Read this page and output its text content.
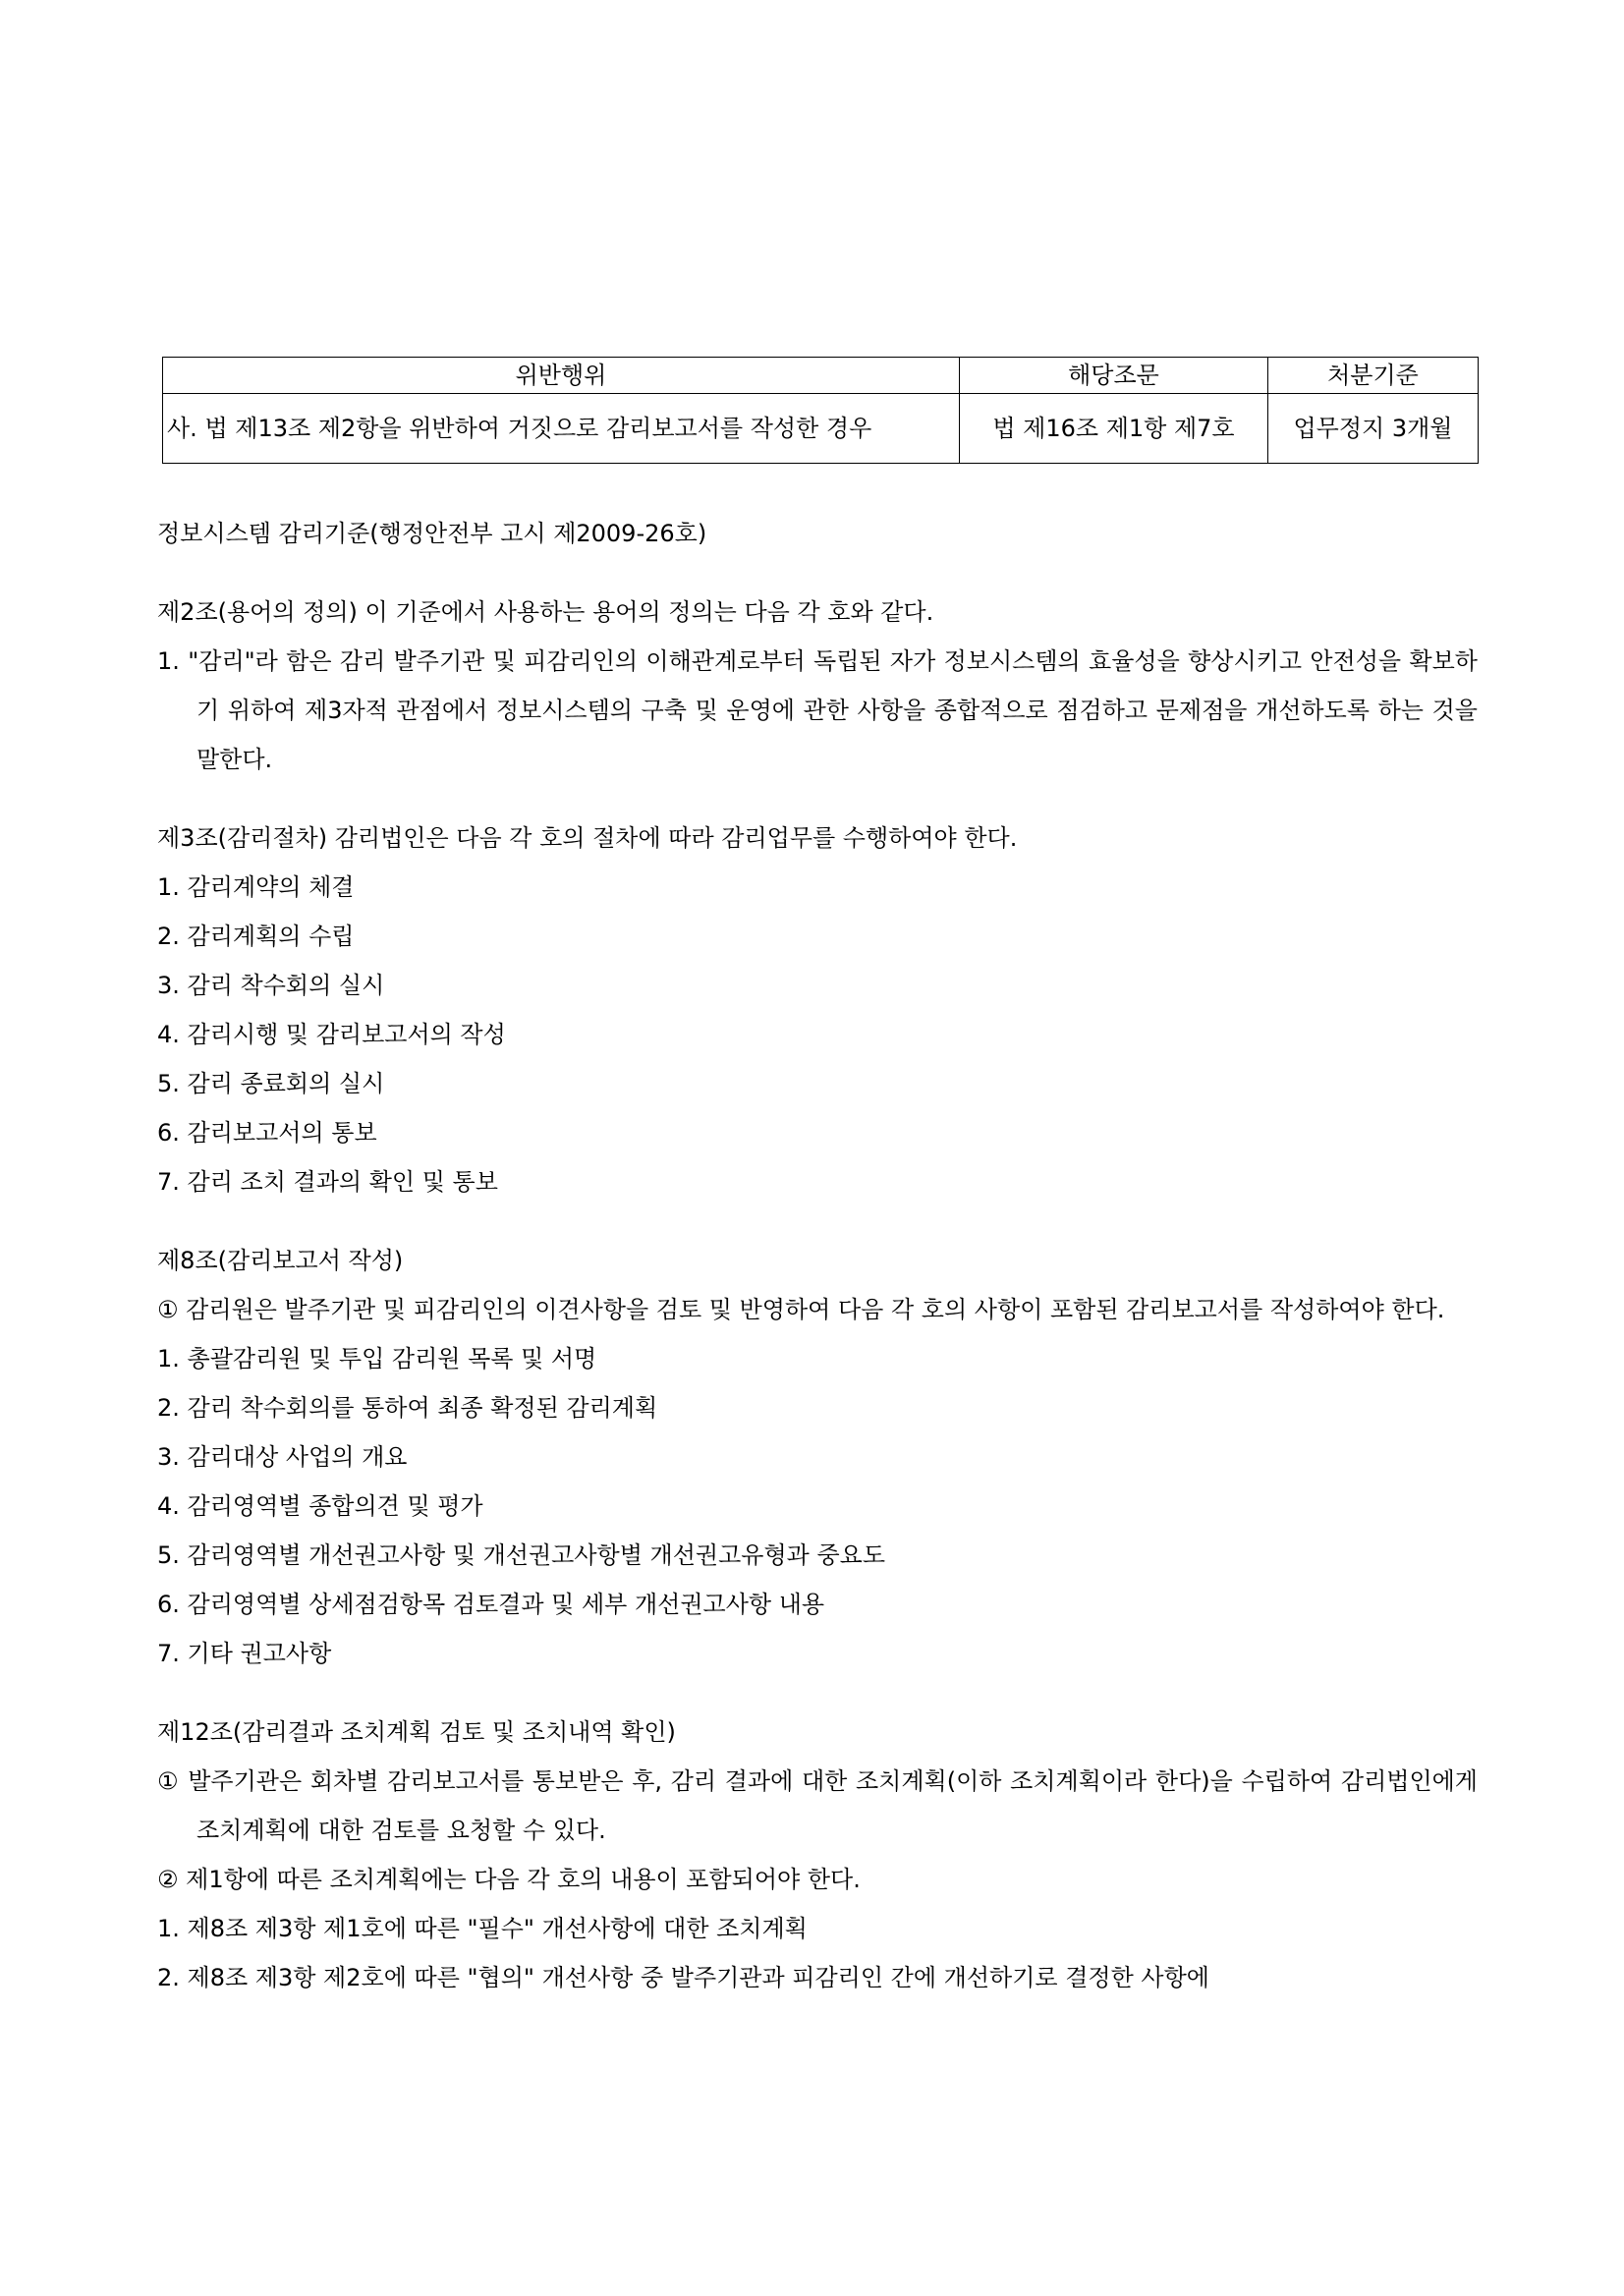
위반행위	해당조문	처분기준
사. 법 제13조 제2항을 위반하여 거짓으로 감리보고서를 작성한 경우	법 제16조 제1항 제7호	업무정지 3개월

정보시스템 감리기준(행정안전부 고시 제2009-26호)

제2조(용어의 정의) 이 기준에서 사용하는 용어의 정의는 다음 각 호와 같다.

1. "감리"라 함은 감리 발주기관 및 피감리인의 이해관계로부터 독립된 자가 정보시스템의 효율성을 향상시키고 안전성을 확보하기 위하여 제3자적 관점에서 정보시스템의 구축 및 운영에 관한 사항을 종합적으로 점검하고 문제점을 개선하도록 하는 것을 말한다.

제3조(감리절차) 감리법인은 다음 각 호의 절차에 따라 감리업무를 수행하여야 한다.

1. 감리계약의 체결

2. 감리계획의 수립

3. 감리 착수회의 실시

4. 감리시행 및 감리보고서의 작성

5. 감리 종료회의 실시

6. 감리보고서의 통보

7. 감리 조치 결과의 확인 및 통보

제8조(감리보고서 작성)

① 감리원은 발주기관 및 피감리인의 이견사항을 검토 및 반영하여 다음 각 호의 사항이 포함된 감리보고서를 작성하여야 한다.

1. 총괄감리원 및 투입 감리원 목록 및 서명

2. 감리 착수회의를 통하여 최종 확정된 감리계획

3. 감리대상 사업의 개요

4. 감리영역별 종합의견 및 평가

5. 감리영역별 개선권고사항 및 개선권고사항별 개선권고유형과 중요도

6. 감리영역별 상세점검항목 검토결과 및 세부 개선권고사항 내용

7. 기타 권고사항

제12조(감리결과 조치계획 검토 및 조치내역 확인)

① 발주기관은 회차별 감리보고서를 통보받은 후, 감리 결과에 대한 조치계획(이하 조치계획이라 한다)을 수립하여 감리법인에게 조치계획에 대한 검토를 요청할 수 있다.

② 제1항에 따른 조치계획에는 다음 각 호의 내용이 포함되어야 한다.

1. 제8조 제3항 제1호에 따른 "필수" 개선사항에 대한 조치계획

2. 제8조 제3항 제2호에 따른 "협의" 개선사항 중 발주기관과 피감리인 간에 개선하기로 결정한 사항에
